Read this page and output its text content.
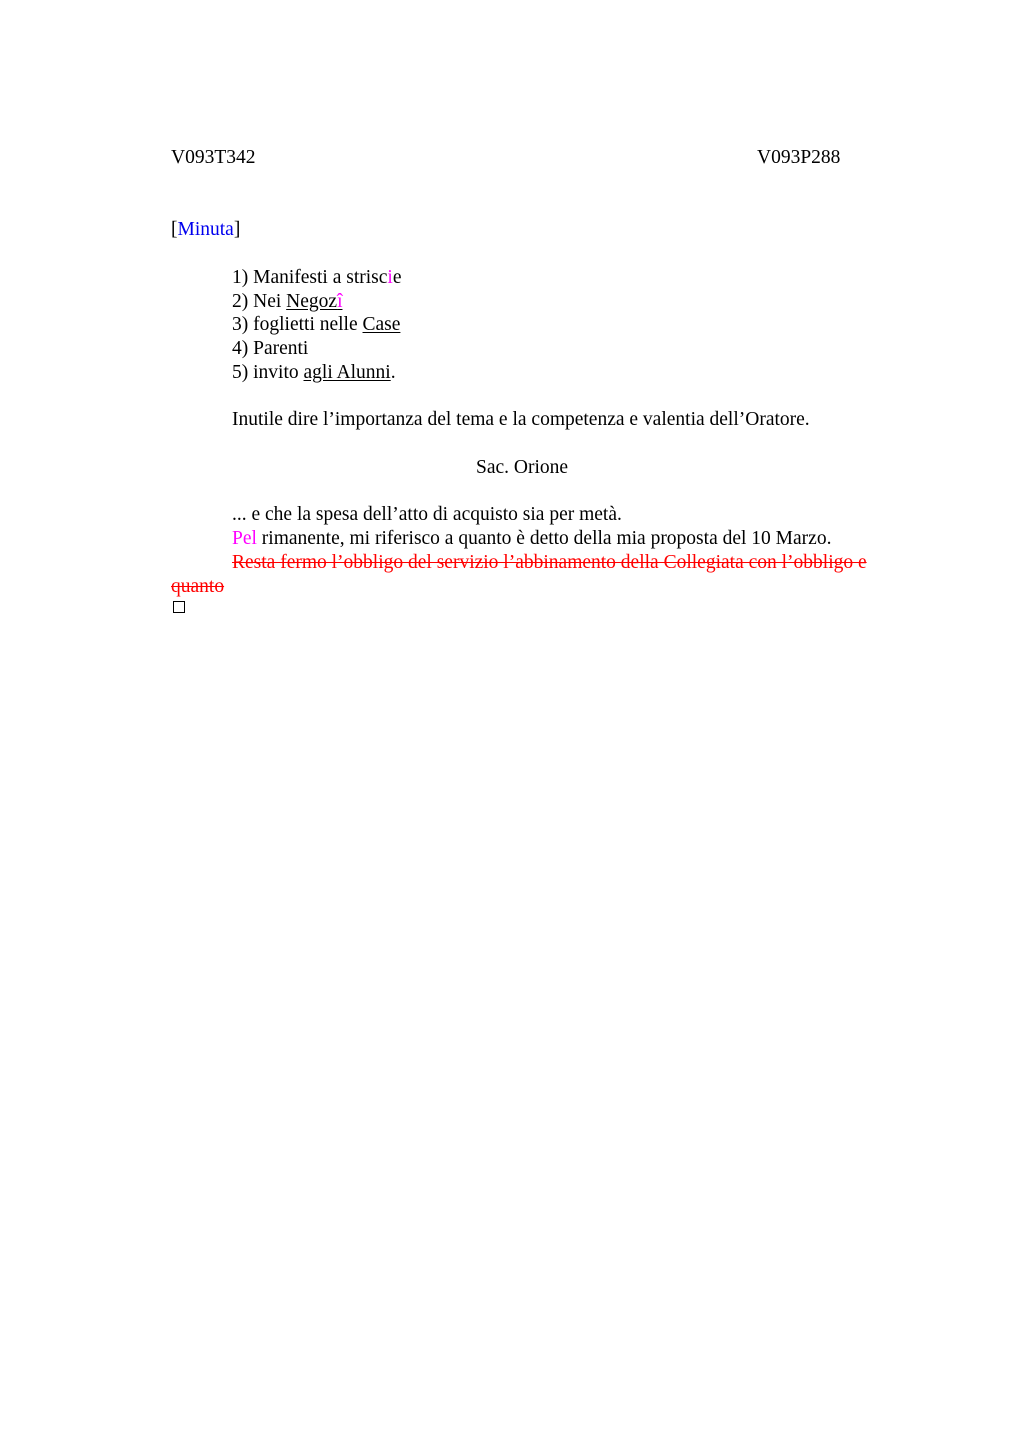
V093T342	V093P288
[Minuta]
1) Manifesti a striscie
2) Nei Negozî
3) foglietti nelle Case
4) Parenti
5) invito agli Alunni.
Inutile dire l’importanza del tema e la competenza e valentia dell’Oratore.
Sac. Orione
... e che la spesa dell’atto di acquisto sia per metà.
Pel rimanente, mi riferisco a quanto è detto della mia proposta del 10 Marzo.
Resta fermo l’obbligo del servizio l’abbinamento della Collegiata con l’obbligo e
quanto
